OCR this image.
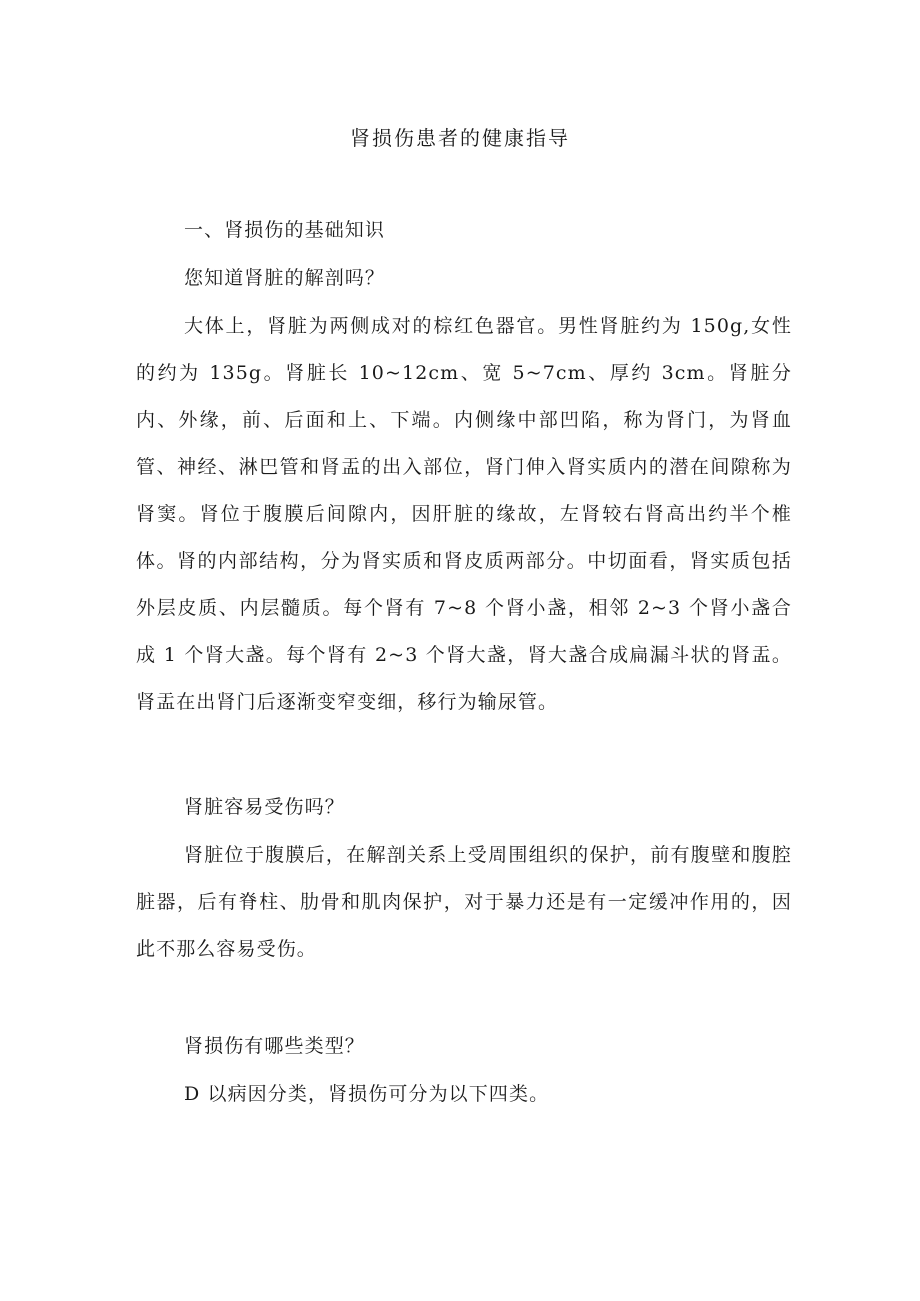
肾损伤患者的健康指导

一、肾损伤的基础知识

您知道肾脏的解剖吗？

大体上，肾脏为两侧成对的棕红色器官。男性肾脏约为 150g,女性的约为 135g。肾脏长 10~12cm、宽 5~7cm、厚约 3cm。肾脏分内、外缘，前、后面和上、下端。内侧缘中部凹陷，称为肾门，为肾血管、神经、淋巴管和肾盂的出入部位，肾门伸入肾实质内的潜在间隙称为肾窦。肾位于腹膜后间隙内，因肝脏的缘故，左肾较右肾高出约半个椎体。肾的内部结构，分为肾实质和肾皮质两部分。中切面看，肾实质包括外层皮质、内层髓质。每个肾有 7~8 个肾小盏，相邻 2~3 个肾小盏合成 1 个肾大盏。每个肾有 2~3 个肾大盏，肾大盏合成扁漏斗状的肾盂。肾盂在出肾门后逐渐变窄变细，移行为输尿管。

肾脏容易受伤吗？

肾脏位于腹膜后，在解剖关系上受周围组织的保护，前有腹壁和腹腔脏器，后有脊柱、肋骨和肌肉保护，对于暴力还是有一定缓冲作用的，因此不那么容易受伤。

肾损伤有哪些类型？

D 以病因分类，肾损伤可分为以下四类。
